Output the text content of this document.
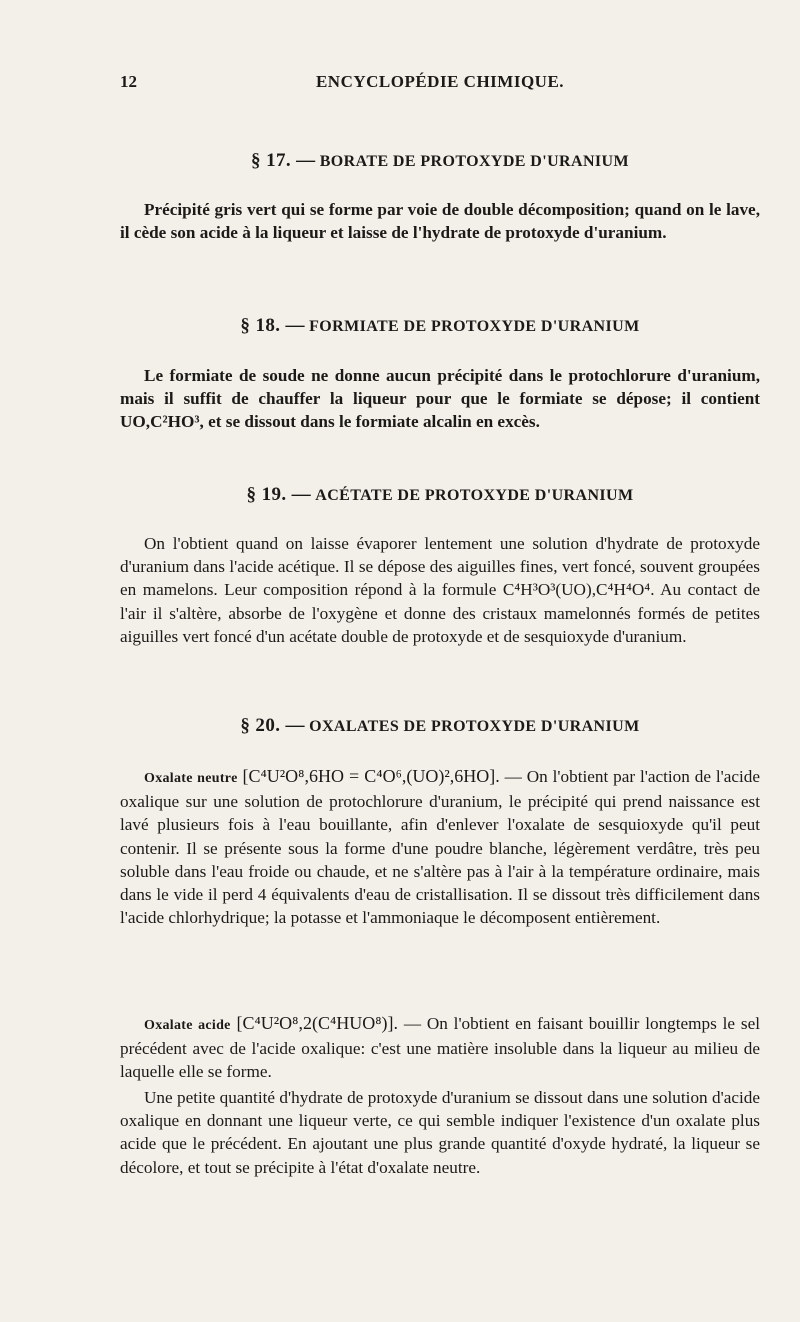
12	ENCYCLOPÉDIE CHIMIQUE.
§ 17. — BORATE DE PROTOXYDE D'URANIUM

Précipité gris vert qui se forme par voie de double décomposition; quand on le lave, il cède son acide à la liqueur et laisse de l'hydrate de protoxyde d'uranium.

§ 18. — FORMIATE DE PROTOXYDE D'URANIUM

Le formiate de soude ne donne aucun précipité dans le protochlorure d'uranium, mais il suffit de chauffer la liqueur pour que le formiate se dépose; il contient UO,C²HO³, et se dissout dans le formiate alcalin en excès.

§ 19. — ACÉTATE DE PROTOXYDE D'URANIUM

On l'obtient quand on laisse évaporer lentement une solution d'hydrate de protoxyde d'uranium dans l'acide acétique. Il se dépose des aiguilles fines, vert foncé, souvent groupées en mamelons. Leur composition répond à la formule C⁴H³O³(UO),C⁴H⁴O⁴. Au contact de l'air il s'altère, absorbe de l'oxygène et donne des cristaux mamelonnés formés de petites aiguilles vert foncé d'un acétate double de protoxyde et de sesquioxyde d'uranium.

§ 20. — OXALATES DE PROTOXYDE D'URANIUM

Oxalate neutre [C⁴U²O⁸,6HO = C⁴O⁶,(UO)²,6HO]. — On l'obtient par l'action de l'acide oxalique sur une solution de protochlorure d'uranium, le précipité qui prend naissance est lavé plusieurs fois à l'eau bouillante, afin d'enlever l'oxalate de sesquioxyde qu'il peut contenir. Il se présente sous la forme d'une poudre blanche, légèrement verdâtre, très peu soluble dans l'eau froide ou chaude, et ne s'altère pas à l'air à la température ordinaire, mais dans le vide il perd 4 équivalents d'eau de cristallisation. Il se dissout très difficilement dans l'acide chlorhydrique; la potasse et l'ammoniaque le décomposent entièrement.

Oxalate acide [C⁴U²O⁸,2(C⁴HUO⁸)]. — On l'obtient en faisant bouillir longtemps le sel précédent avec de l'acide oxalique: c'est une matière insoluble dans la liqueur au milieu de laquelle elle se forme.

Une petite quantité d'hydrate de protoxyde d'uranium se dissout dans une solution d'acide oxalique en donnant une liqueur verte, ce qui semble indiquer l'existence d'un oxalate plus acide que le précédent. En ajoutant une plus grande quantité d'oxyde hydraté, la liqueur se décolore, et tout se précipite à l'état d'oxalate neutre.
